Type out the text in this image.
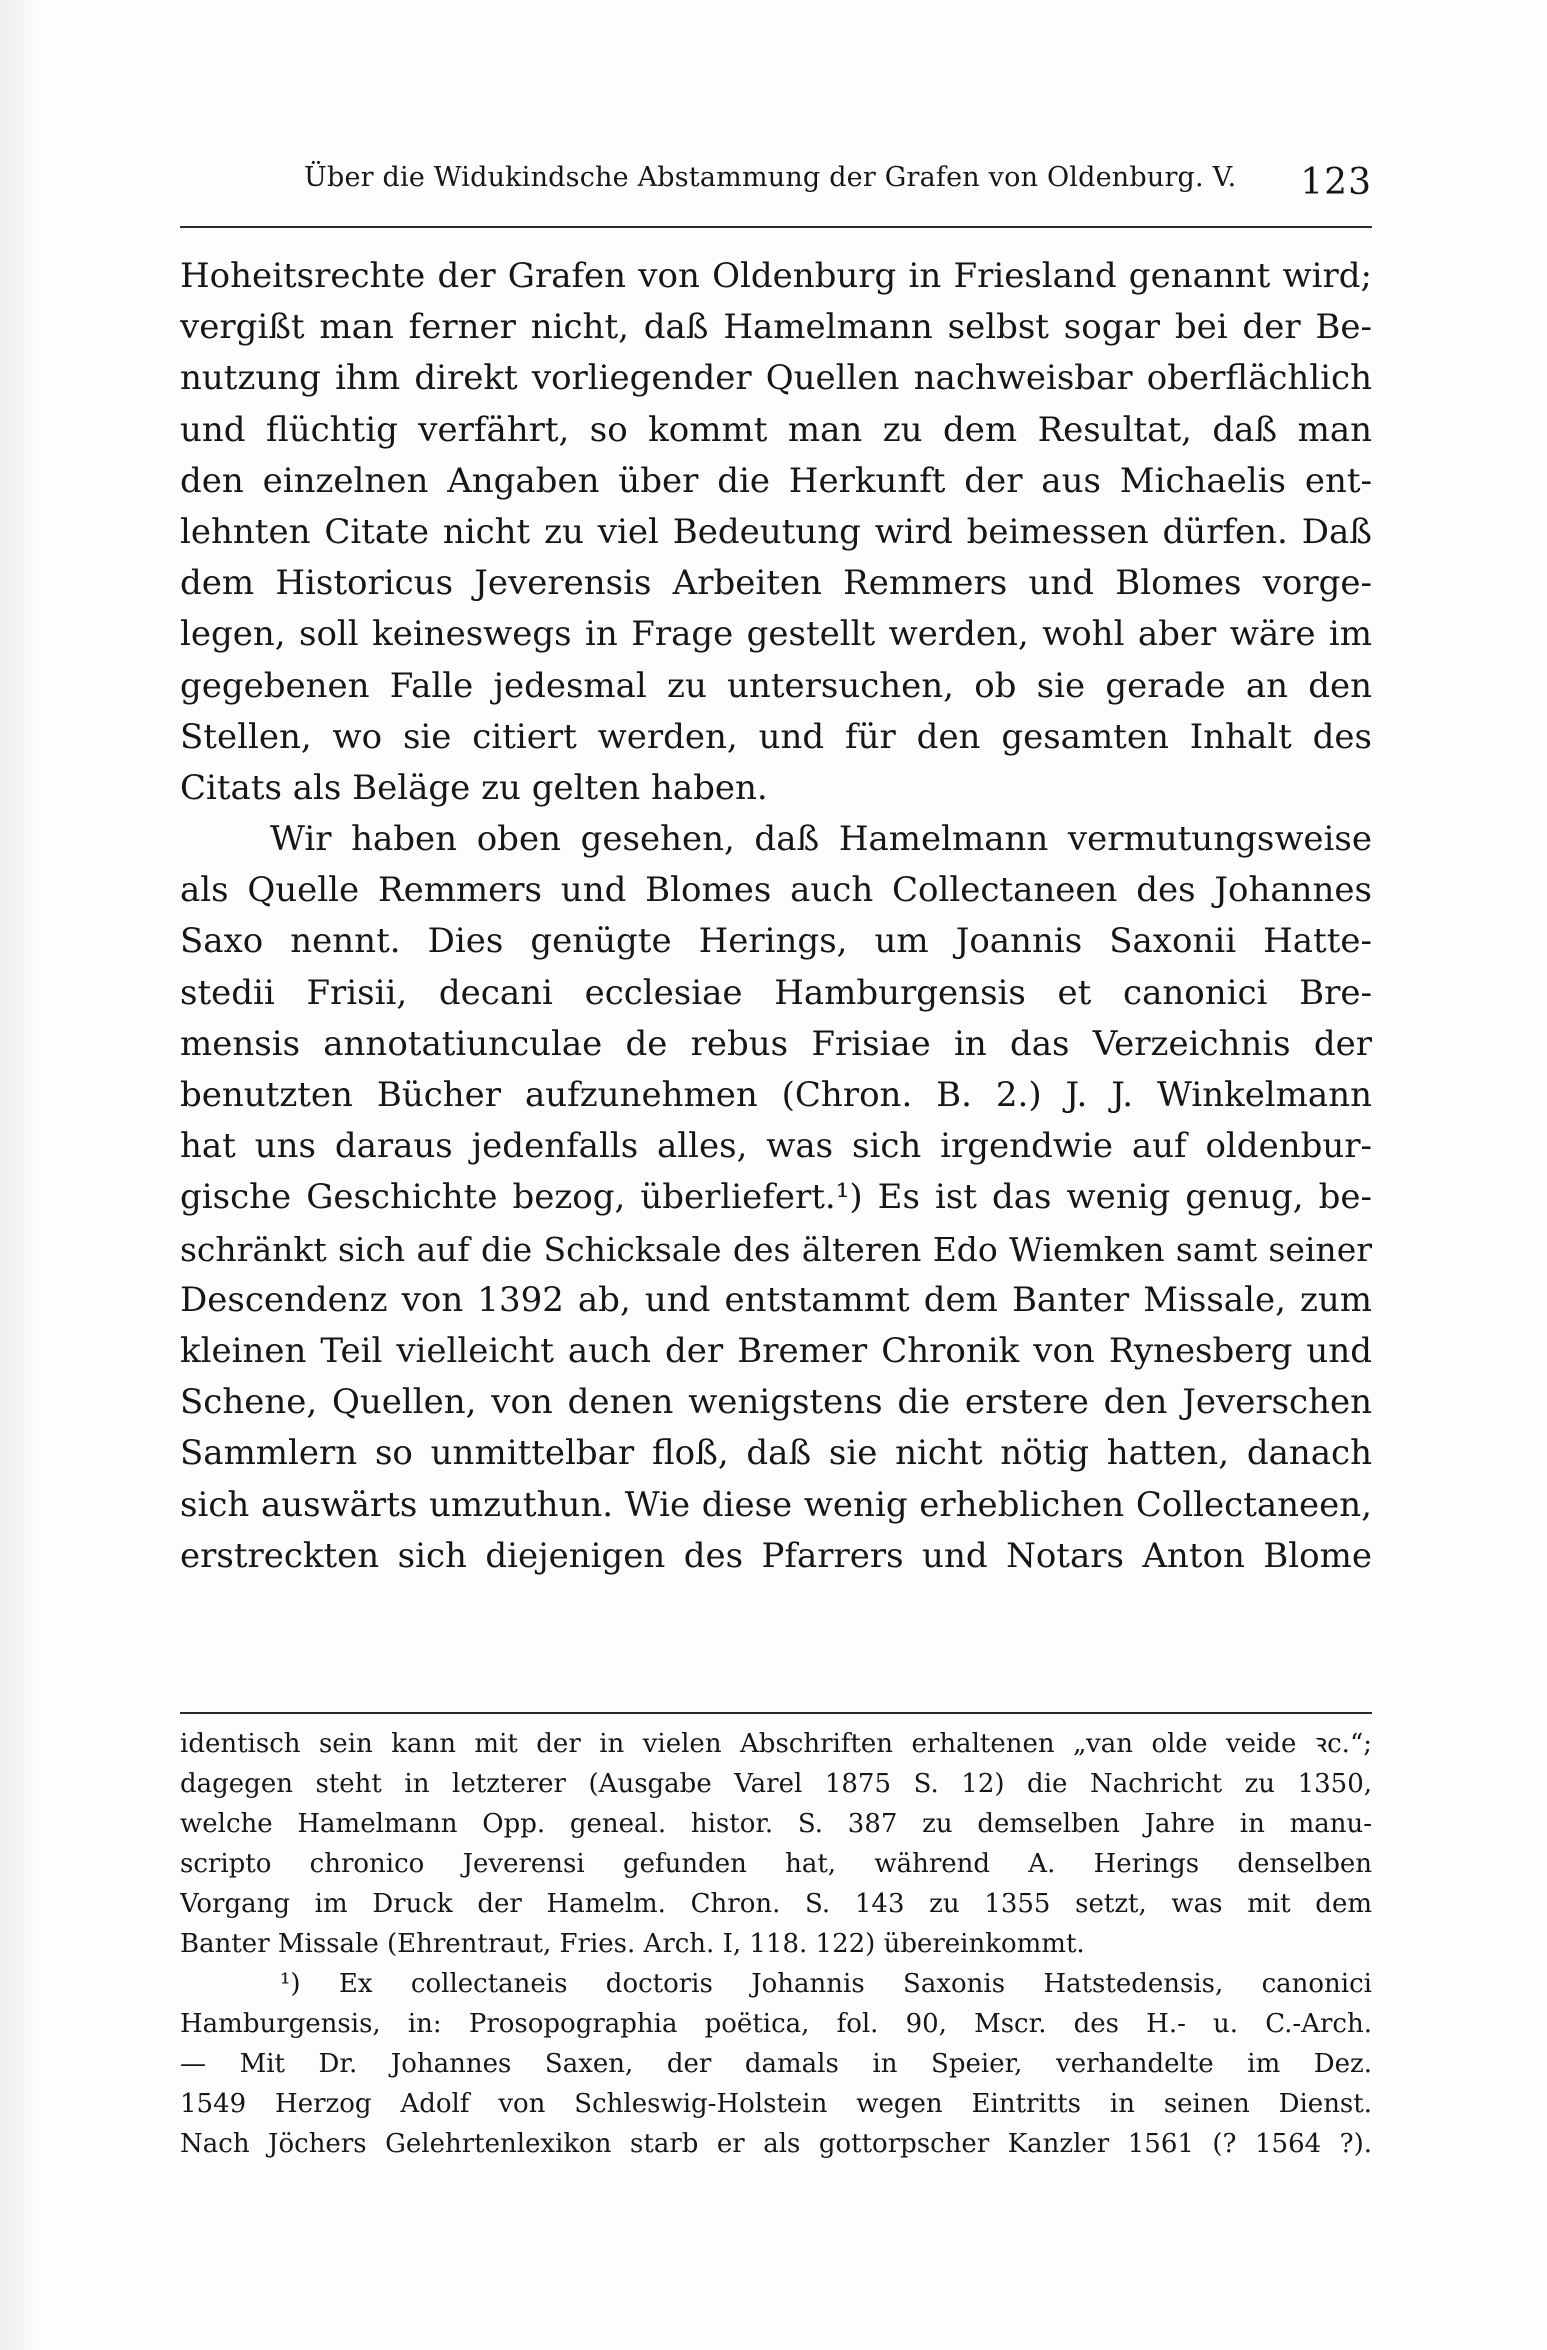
Über die Widukindsche Abstammung der Grafen von Oldenburg. V. 123
Hoheitsrechte der Grafen von Oldenburg in Friesland genannt wird;
vergißt man ferner nicht, daß Hamelmann selbst sogar bei der Be-
nutzung ihm direkt vorliegender Quellen nachweisbar oberflächlich
und flüchtig verfährt, so kommt man zu dem Resultat, daß man
den einzelnen Angaben über die Herkunft der aus Michaelis ent-
lehnten Citate nicht zu viel Bedeutung wird beimessen dürfen. Daß
dem Historicus Jeverensis Arbeiten Remmers und Blomes vorge-
legen, soll keineswegs in Frage gestellt werden, wohl aber wäre im
gegebenen Falle jedesmal zu untersuchen, ob sie gerade an den
Stellen, wo sie citiert werden, und für den gesamten Inhalt des
Citats als Beläge zu gelten haben.
Wir haben oben gesehen, daß Hamelmann vermutungsweise
als Quelle Remmers und Blomes auch Collectaneen des Johannes
Saxo nennt. Dies genügte Herings, um Joannis Saxonii Hatte-
stedii Frisii, decani ecclesiae Hamburgensis et canonici Bre-
mensis annotatiunculae de rebus Frisiae in das Verzeichnis der
benutzten Bücher aufzunehmen (Chron. B. 2.) J. J. Winkelmann
hat uns daraus jedenfalls alles, was sich irgendwie auf oldenbur-
gische Geschichte bezog, überliefert.¹) Es ist das wenig genug, be-
schränkt sich auf die Schicksale des älteren Edo Wiemken samt seiner
Descendenz von 1392 ab, und entstammt dem Banter Missale, zum
kleinen Teil vielleicht auch der Bremer Chronik von Rynesberg und
Schene, Quellen, von denen wenigstens die erstere den Jeverschen
Sammlern so unmittelbar floß, daß sie nicht nötig hatten, danach
sich auswärts umzuthun. Wie diese wenig erheblichen Collectaneen,
erstreckten sich diejenigen des Pfarrers und Notars Anton Blome
identisch sein kann mit der in vielen Abschriften erhaltenen „van olde veide ꝛc.“;
dagegen steht in letzterer (Ausgabe Varel 1875 S. 12) die Nachricht zu 1350,
welche Hamelmann Opp. geneal. histor. S. 387 zu demselben Jahre in manu-
scripto chronico Jeverensi gefunden hat, während A. Herings denselben
Vorgang im Druck der Hamelm. Chron. S. 143 zu 1355 setzt, was mit dem
Banter Missale (Ehrentraut, Fries. Arch. I, 118. 122) übereinkommt.
¹) Ex collectaneis doctoris Johannis Saxonis Hatstedensis, canonici
Hamburgensis, in: Prosopographia poëtica, fol. 90, Mscr. des H.- u. C.-Arch.
— Mit Dr. Johannes Saxen, der damals in Speier, verhandelte im Dez.
1549 Herzog Adolf von Schleswig-Holstein wegen Eintritts in seinen Dienst.
Nach Jöchers Gelehrtenlexikon starb er als gottorpscher Kanzler 1561 (? 1564 ?).
